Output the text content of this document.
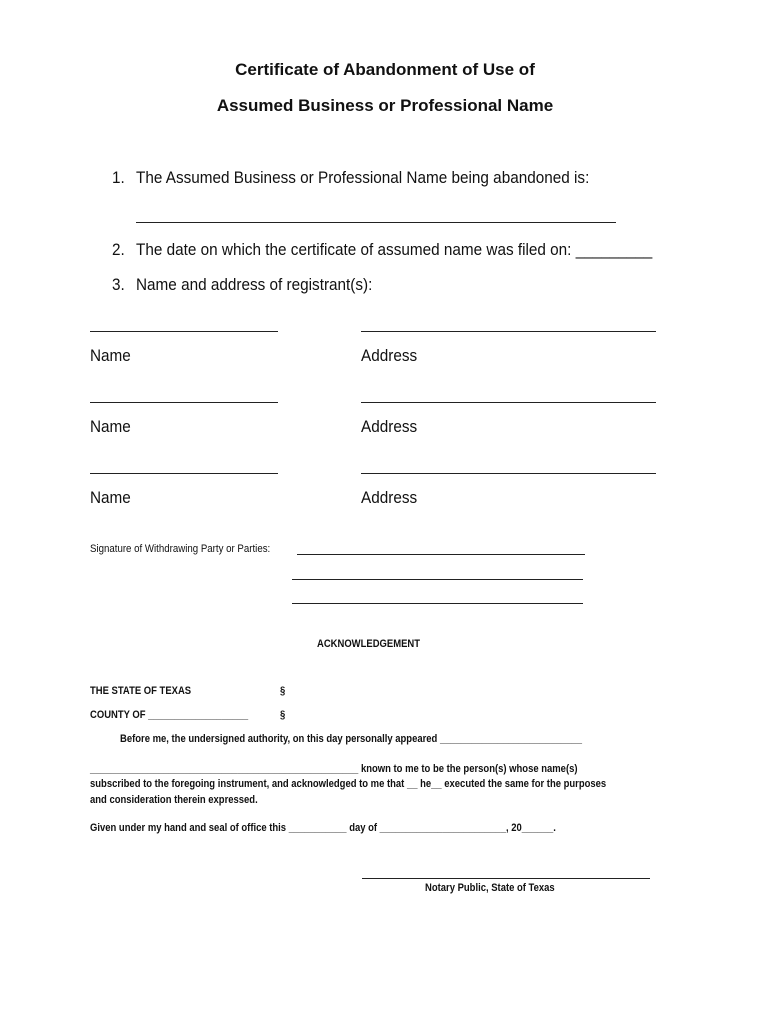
Certificate of Abandonment of Use of
Assumed Business or Professional Name
1. The Assumed Business or Professional Name being abandoned is:
2. The date on which the certificate of assumed name was filed on: _________
3. Name and address of registrant(s):
Name	Address
Name	Address
Name	Address
Signature of Withdrawing Party or Parties:
ACKNOWLEDGEMENT
THE STATE OF TEXAS	§
COUNTY OF ___________________	§
Before me, the undersigned authority, on this day personally appeared ___________________________
___________________________________________________ known to me to be the person(s) whose name(s)
subscribed to the foregoing instrument, and acknowledged to me that __ he__ executed the same for the purposes
and consideration therein expressed.
Given under my hand and seal of office this ___________ day of ________________________, 20______.
Notary Public, State of Texas
